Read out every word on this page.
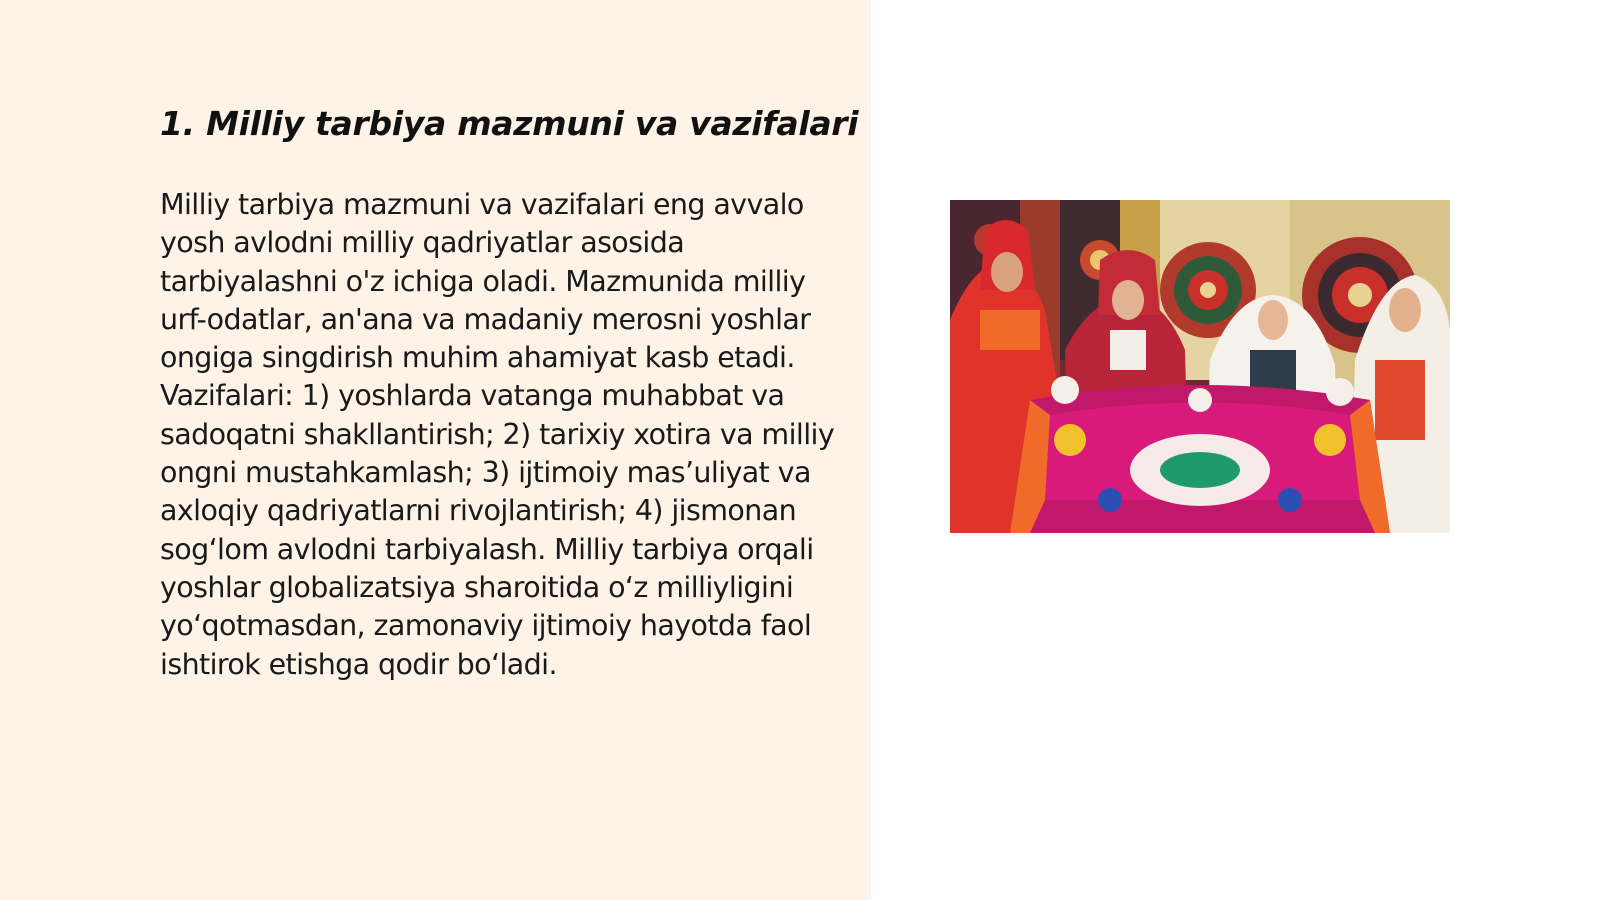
1. Milliy tarbiya mazmuni va vazifalari

Milliy tarbiya mazmuni va vazifalari eng avvalo yosh avlodni milliy qadriyatlar asosida tarbiyalashni o'z ichiga oladi. Mazmunida milliy urf-odatlar, an'ana va madaniy merosni yoshlar ongiga singdirish muhim ahamiyat kasb etadi. Vazifalari: 1) yoshlarda vatanga muhabbat va sadoqatni shakllantirish; 2) tarixiy xotira va milliy ongni mustahkamlash; 3) ijtimoiy mas’uliyat va axloqiy qadriyatlarni rivojlantirish; 4) jismonan sog‘lom avlodni tarbiyalash. Milliy tarbiya orqali yoshlar globalizatsiya sharoitida o‘z milliyligini yo‘qotmasdan, zamonaviy ijtimoiy hayotda faol ishtirok etishga qodir bo‘ladi.
